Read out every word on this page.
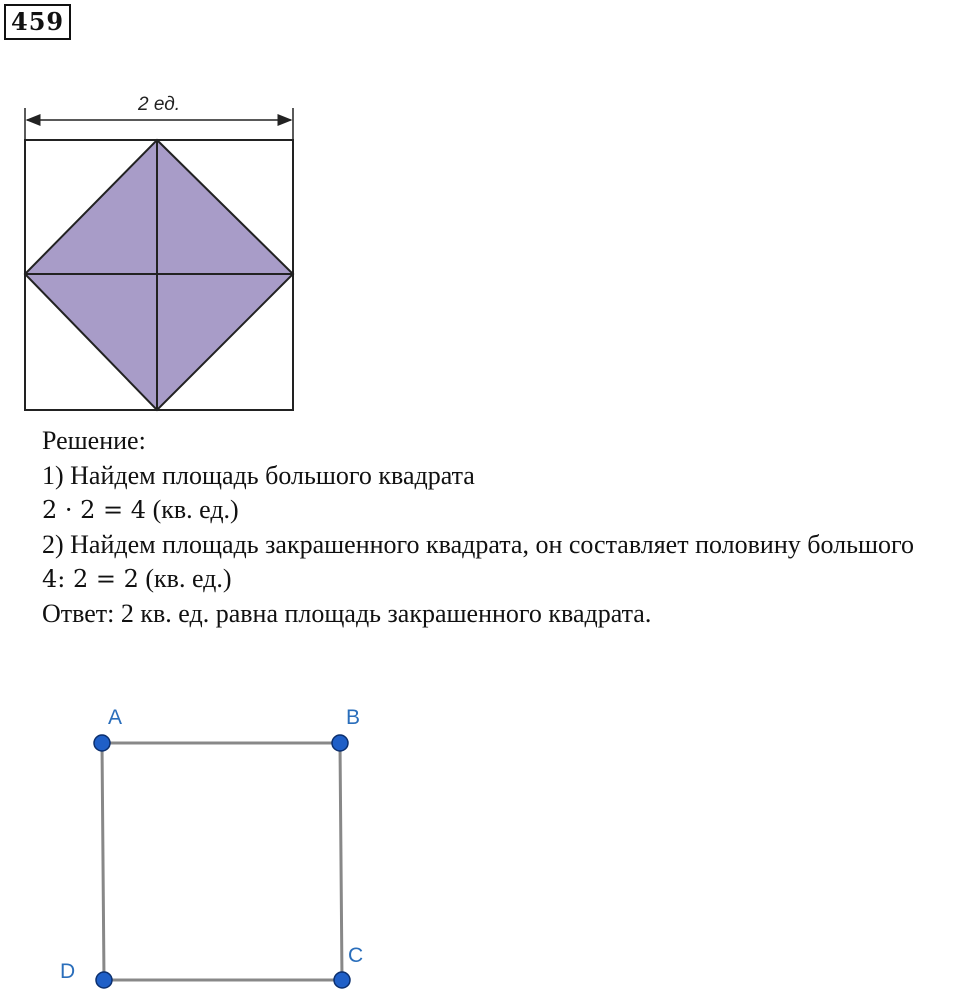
459
2 ед.
Решение:
1) Найдем площадь большого квадрата
2 · 2 = 4 (кв. ед.)
2) Найдем площадь закрашенного квадрата, он составляет половину большого
4: 2 = 2 (кв. ед.)
Ответ: 2 кв. ед. равна площадь закрашенного квадрата.
A	B
C
D
